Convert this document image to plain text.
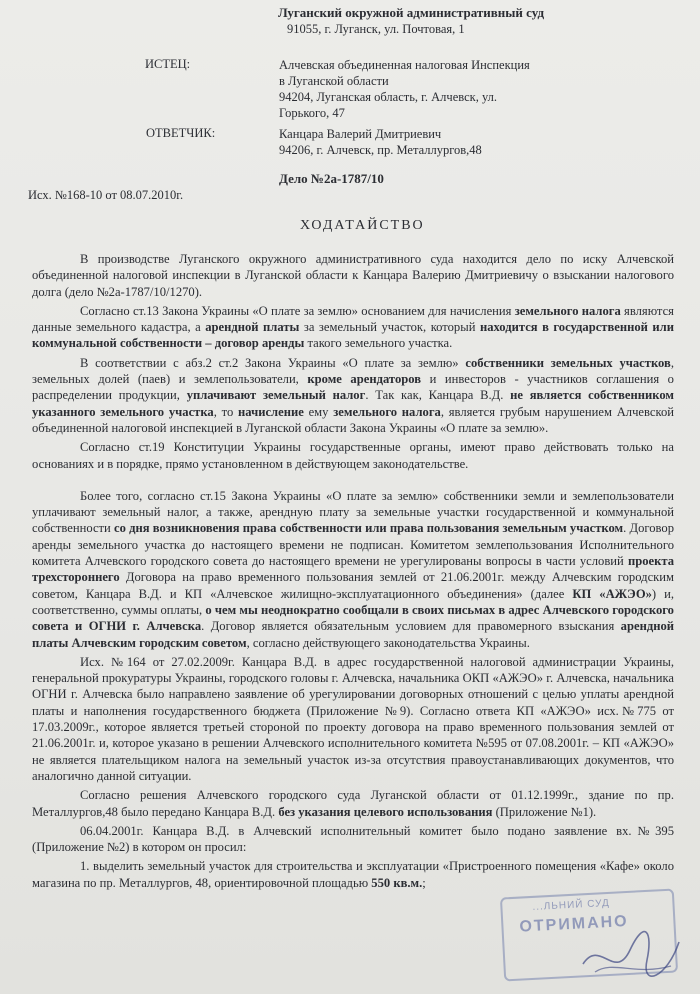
Луганский окружной административный суд
91055, г. Луганск, ул. Почтовая, 1
ИСТЕЦ:	Алчевская объединенная налоговая Инспекция
в Луганской области
94204, Луганская область, г. Алчевск, ул.
Горького, 47
ОТВЕТЧИК:	Канцара Валерий Дмитриевич
94206, г. Алчевск, пр. Металлургов,48
Дело №2а-1787/10
Исх. №168-10 от 08.07.2010г.
ХОДАТАЙСТВО

В производстве Луганского окружного административного суда находится дело по иску Алчевской объединенной налоговой инспекции в Луганской области к Канцара Валерию Дмитриевичу о взыскании налогового долга (дело №2а-1787/10/1270).

Согласно ст.13 Закона Украины «О плате за землю» основанием для начисления земельного налога являются данные земельного кадастра, а арендной платы за земельный участок, который находится в государственной или коммунальной собственности – договор аренды такого земельного участка.

В соответствии с абз.2 ст.2 Закона Украины «О плате за землю» собственники земельных участков, земельных долей (паев) и землепользователи, кроме арендаторов и инвесторов - участников соглашения о распределении продукции, уплачивают земельный налог. Так как, Канцара В.Д. не является собственником указанного земельного участка, то начисление ему земельного налога, является грубым нарушением Алчевской объединенной налоговой инспекцией в Луганской области Закона Украины «О плате за землю».

Согласно ст.19 Конституции Украины государственные органы, имеют право действовать только на основаниях и в порядке, прямо установленном в действующем законодательстве.

Более того, согласно ст.15 Закона Украины «О плате за землю» собственники земли и землепользователи уплачивают земельный налог, а также, арендную плату за земельные участки государственной и коммунальной собственности со дня возникновения права собственности или права пользования земельным участком. Договор аренды земельного участка до настоящего времени не подписан. Комитетом землепользования Исполнительного комитета Алчевского городского совета до настоящего времени не урегулированы вопросы в части условий проекта трехстороннего Договора на право временного пользования землей от 21.06.2001г. между Алчевским городским советом, Канцара В.Д. и КП «Алчевское жилищно-эксплуатационного объединения» (далее КП «АЖЭО») и, соответственно, суммы оплаты, о чем мы неоднократно сообщали в своих письмах в адрес Алчевского городского совета и ОГНИ г. Алчевска. Договор является обязательным условием для правомерного взыскания арендной платы Алчевским городским советом, согласно действующего законодательства Украины.

Исх. №164 от 27.02.2009г. Канцара В.Д. в адрес государственной налоговой администрации Украины, генеральной прокуратуры Украины, городского головы г. Алчевска, начальника ОКП «АЖЭО» г. Алчевска, начальника ОГНИ г. Алчевска было направлено заявление об урегулировании договорных отношений с целью уплаты арендной платы и наполнения государственного бюджета (Приложение №9). Согласно ответа КП «АЖЭО» исх.№775 от 17.03.2009г., которое является третьей стороной по проекту договора на право временного пользования землей от 21.06.2001г. и, которое указано в решении Алчевского исполнительного комитета №595 от 07.08.2001г. – КП «АЖЭО» не является плательщиком налога на земельный участок из-за отсутствия правоустанавливающих документов, что аналогично данной ситуации.

Согласно решения Алчевского городского суда Луганской области от 01.12.1999г., здание по пр. Металлургов,48 было передано Канцара В.Д. без указания целевого использования (Приложение №1).

06.04.2001г. Канцара В.Д. в Алчевский исполнительный комитет было подано заявление вх.№395 (Приложение №2) в котором он просил:

1. выделить земельный участок для строительства и эксплуатации «Пристроенного помещения «Кафе» около магазина по пр. Металлургов, 48, ориентировочной площадью 550 кв.м.;

...ЛЬНИЙ СУД
ОТРИМАНО
